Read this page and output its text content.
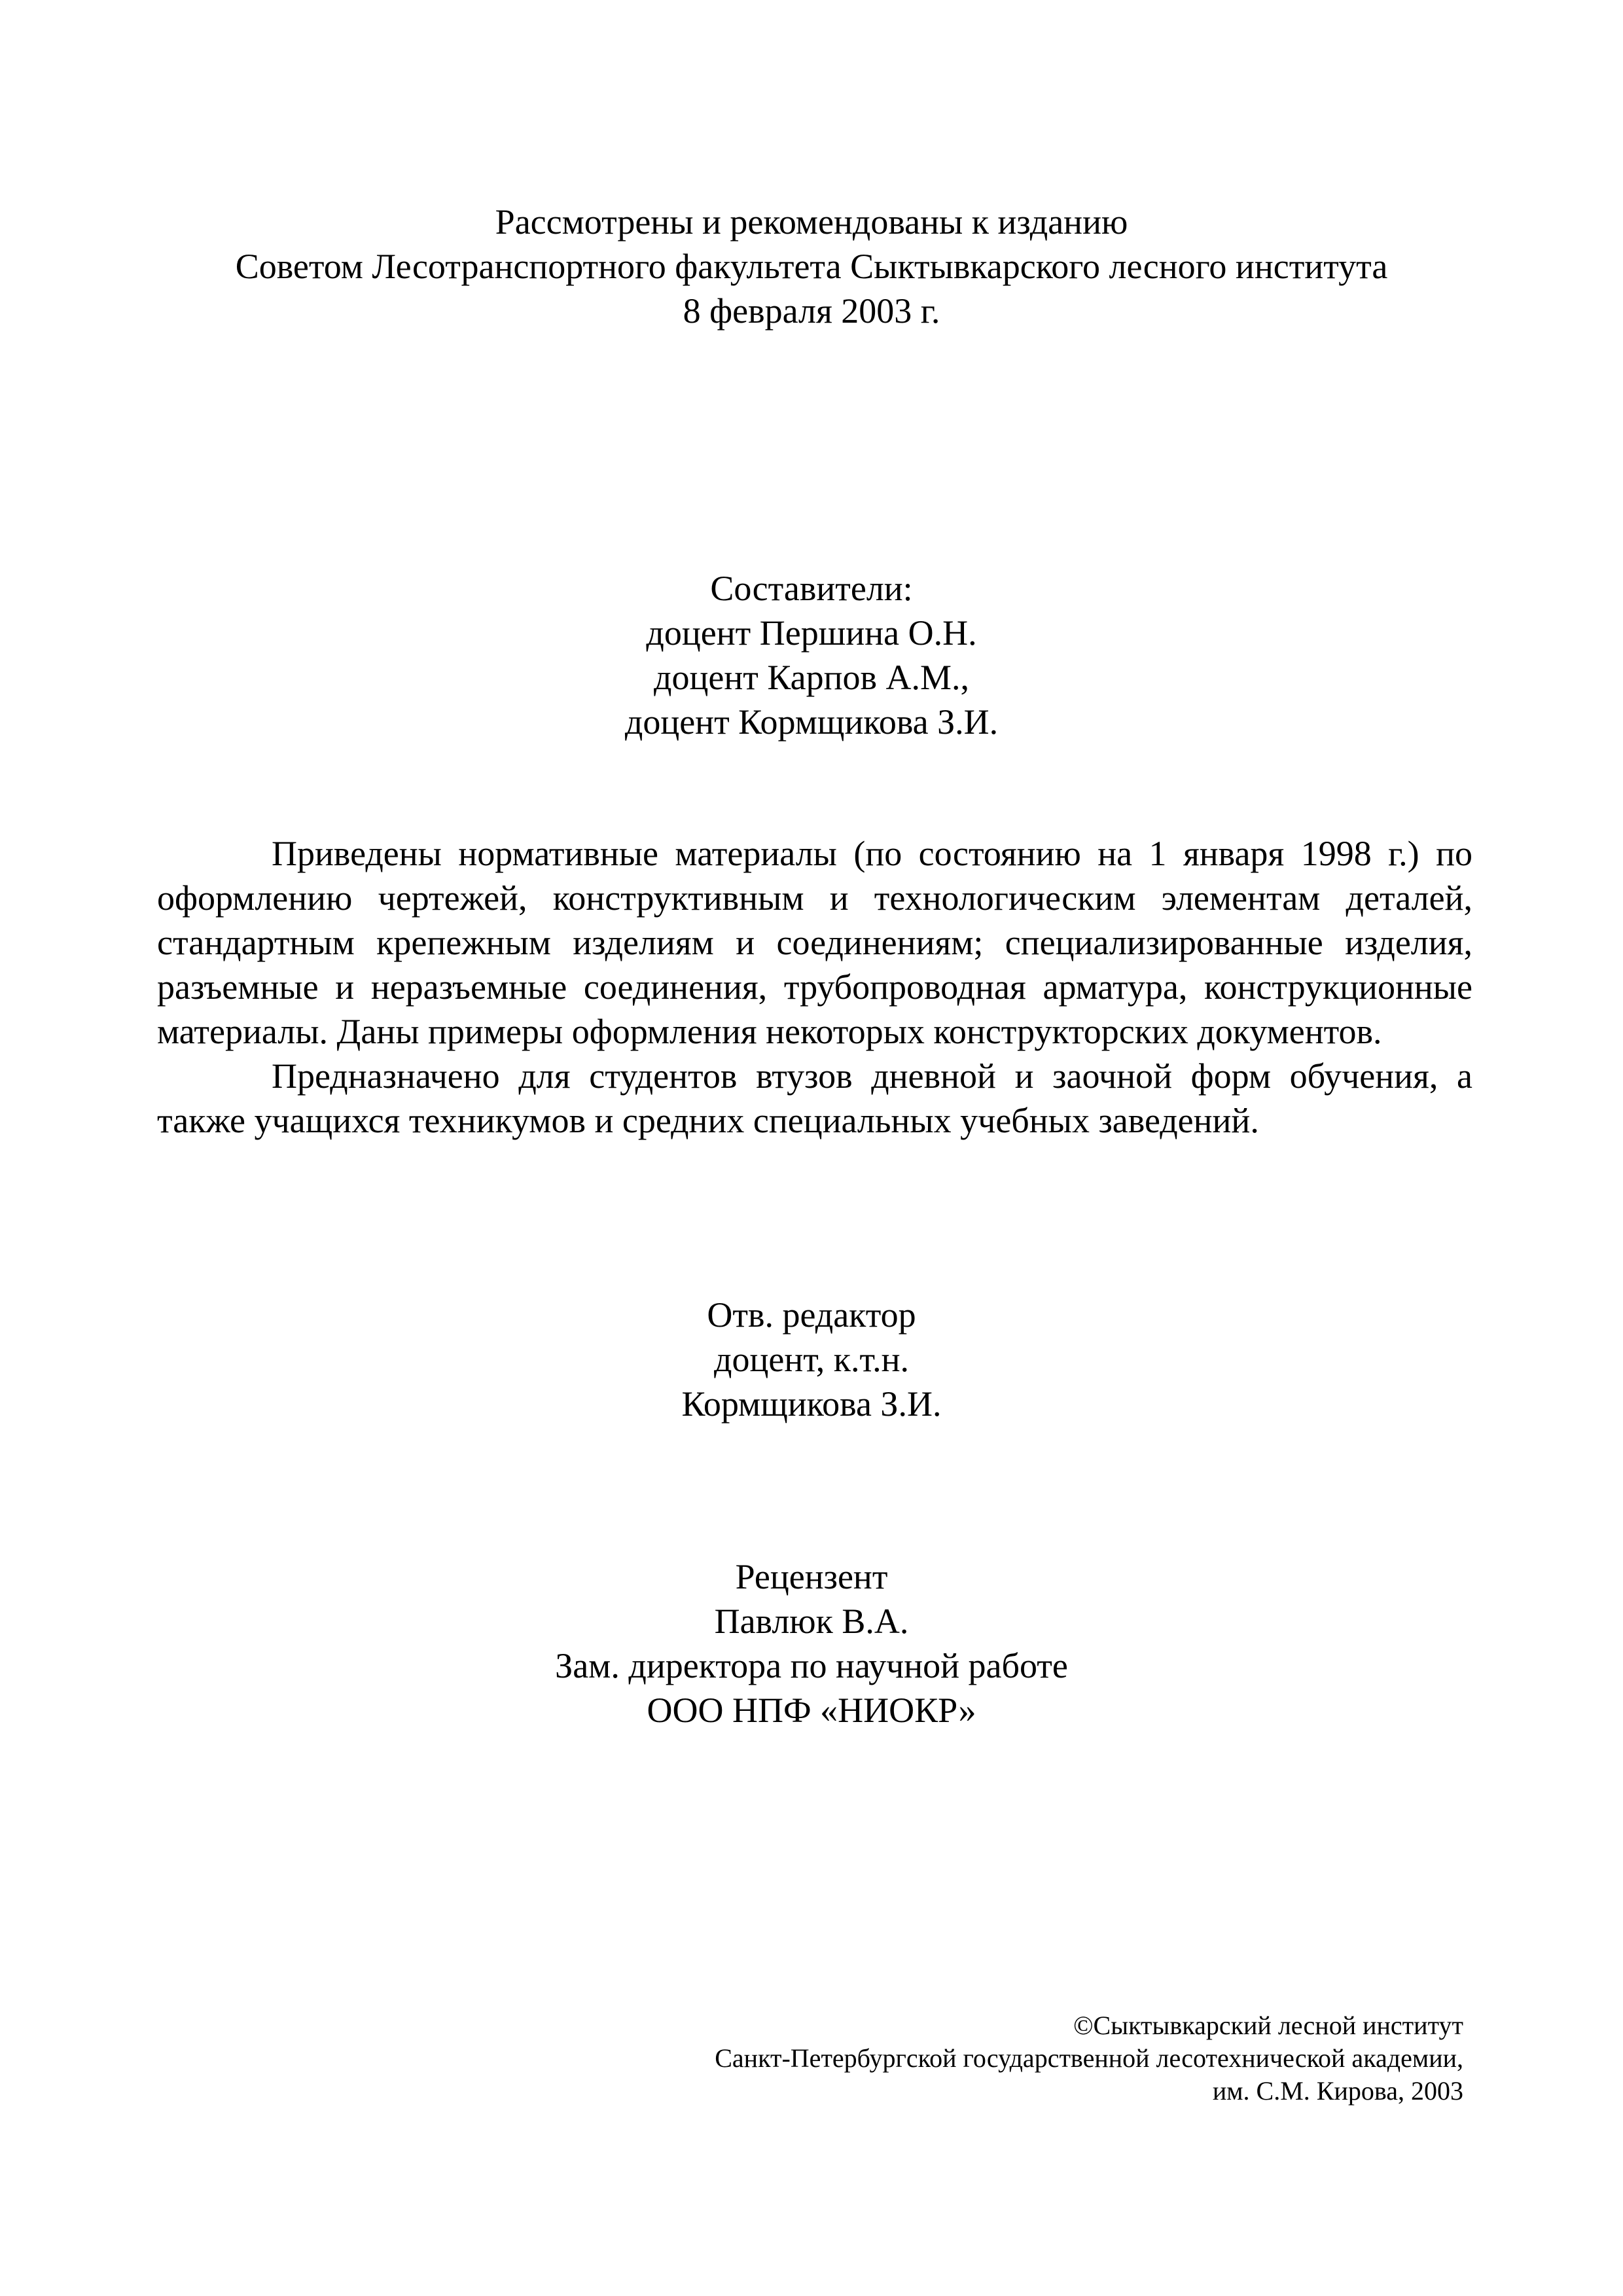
Рассмотрены и рекомендованы к изданию
Советом Лесотранспортного факультета Сыктывкарского лесного института
8 февраля 2003 г.
Составители:
доцент Першина О.Н.
доцент Карпов А.М.,
доцент Кормщикова З.И.

Приведены нормативные материалы (по состоянию на 1 января 1998 г.) по оформлению чертежей, конструктивным и технологическим элементам деталей, стандартным крепежным изделиям и соединениям; специализированные изделия, разъемные и неразъемные соединения, трубопроводная арматура, конструкционные материалы. Даны примеры оформления некоторых конструкторских документов.

Предназначено для студентов втузов дневной и заочной форм обучения, а также учащихся техникумов и средних специальных учебных заведений.

Отв. редактор
доцент, к.т.н.
Кормщикова З.И.
Рецензент
Павлюк В.А.
Зам. директора по научной работе
ООО НПФ «НИОКР»
©Сыктывкарский лесной институт
Санкт-Петербургской государственной лесотехнической академии,
им. С.М. Кирова, 2003
